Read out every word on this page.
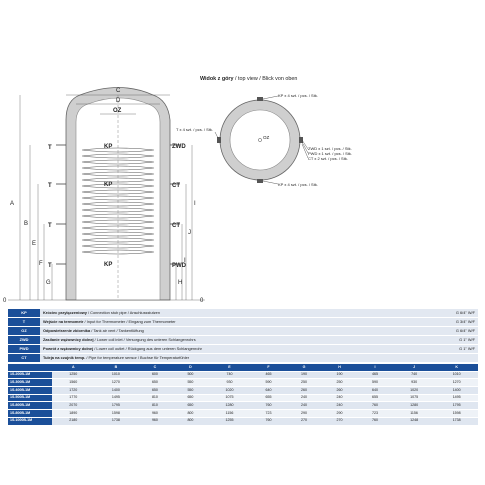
C
D
OZ
KP
T	ZWD
KP
T	CT
T	CT
KP
T	PWD
A
B
E
F
G	H
I
J
I
0	0
Widok z góry / top view / Blick von oben
OZ
KP x 4 szt. / pcs. / Stk.
T x 4 szt. / pcs. / Stk.
ZWD x 1 szt. / pcs. / Stk.
PWD x 1 szt. / pcs. / Stk.
CT x 2 szt. / pcs. / Stk.
KP x 4 szt. / pcs. / Stk.
KP	Króciec przyłączeniowy / Connection stub pipe / Anschlussstutzen	G 6/4" W/F
T	Wejście na termometr / Input for Thermometer / Eingang zum Thermometer	G 3/4" W/F
OZ	Odpowietrzenie zbiornika / Tank air vent / Tankentlüftung	G 6/4" W/F
ZWD	Zasilanie wężownicy dolnej / Lower coil inlet / Versorgung des unteren Schlangenrohrs	G 1" W/F
PWD	Powrót z wężownicy dolnej / Lower coil outlet / Rückgang aus dem unteren Schlangenrohr	G 1" W/F
CT	Tuleja na czujnik temp. / Pipe for temperature sensor / Buchse für Temperaturfühler	
	A	B	C	D	E	F	G	H	I	J	K
1S.200B-1M	1250	1010	600	500	740	465	190	190	465	740	1010
1S.300B-1M	1560	1270	650	550	930	590	250	250	590	930	1270
1S.400B-1M	1720	1400	650	550	1020	640	260	260	640	1020	1400
1S.500B-1M	1770	1495	810	650	1075	655	240	240	655	1075	1495
1S.800B-1M	2070	1795	810	650	1280	760	240	240	760	1280	1795
1S.800B-1M	1890	1598	960	800	1156	723	290	290	723	1156	1598
1S.1000B-1M	2180	1738	960	800	1255	760	270	270	760	1248	1738
